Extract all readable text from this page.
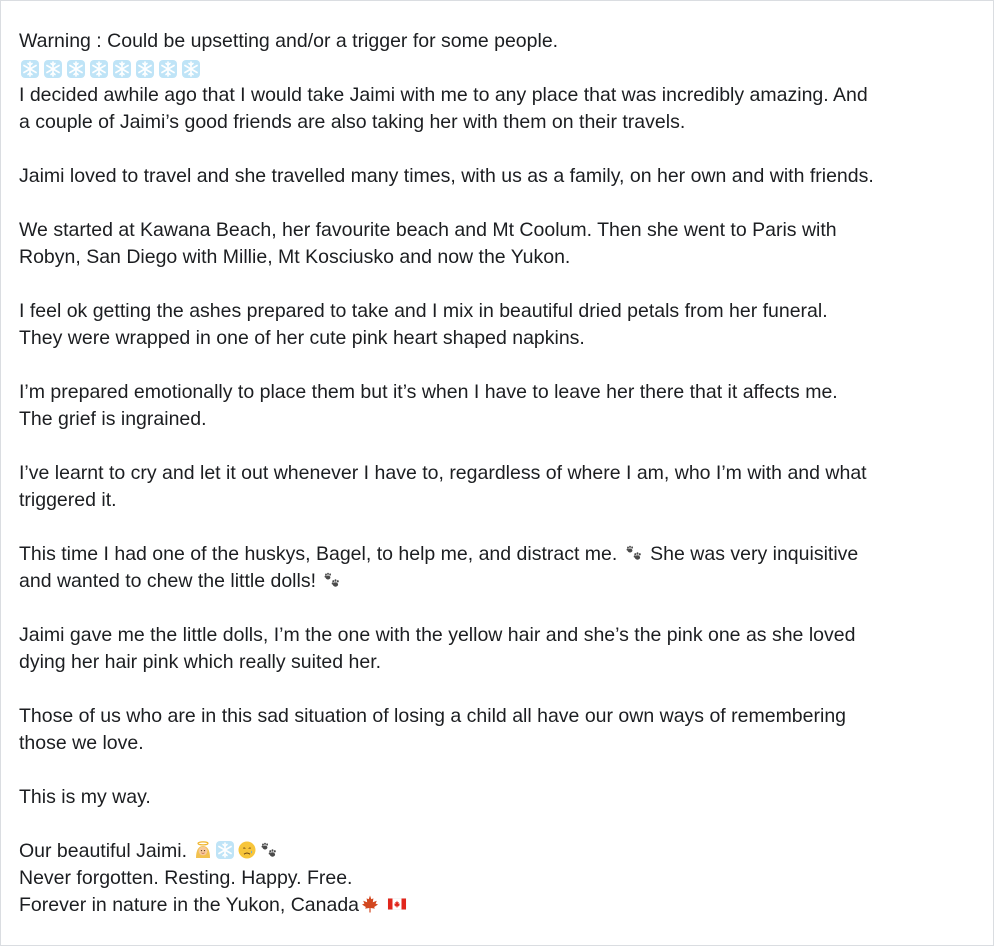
Warning : Could be upsetting and/or a trigger for some people.
I decided awhile ago that I would take Jaimi with me to any place that was incredibly amazing. And
a couple of Jaimi’s good friends are also taking her with them on their travels.
Jaimi loved to travel and she travelled many times, with us as a family, on her own and with friends.
We started at Kawana Beach, her favourite beach and Mt Coolum. Then she went to Paris with
Robyn, San Diego with Millie, Mt Kosciusko and now the Yukon.
I feel ok getting the ashes prepared to take and I mix in beautiful dried petals from her funeral.
They were wrapped in one of her cute pink heart shaped napkins.
I’m prepared emotionally to place them but it’s when I have to leave her there that it affects me.
The grief is ingrained.
I’ve learnt to cry and let it out whenever I have to, regardless of where I am, who I’m with and what
triggered it.
This time I had one of the huskys, Bagel, to help me, and distract me. She was very inquisitive
and wanted to chew the little dolls!
Jaimi gave me the little dolls, I’m the one with the yellow hair and she’s the pink one as she loved
dying her hair pink which really suited her.
Those of us who are in this sad situation of losing a child all have our own ways of remembering
those we love.
This is my way.
Our beautiful Jaimi.
Never forgotten. Resting. Happy. Free.
Forever in nature in the Yukon, Canada
